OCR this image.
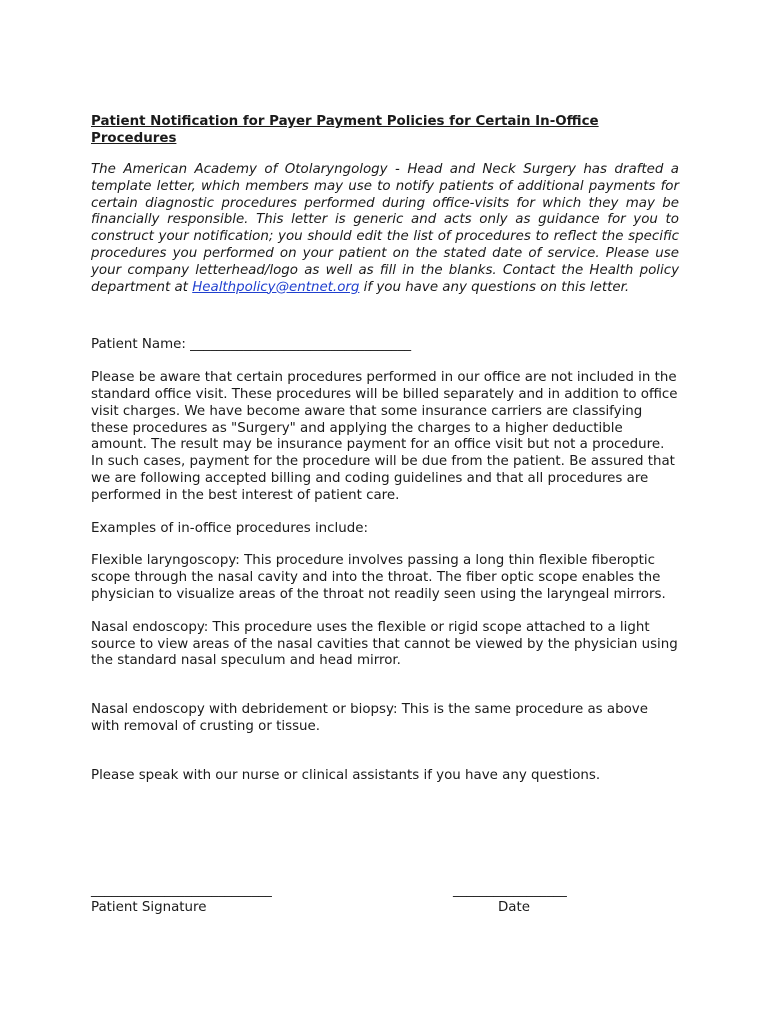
Patient Notification for Payer Payment Policies for Certain In-Office Procedures

The American Academy of Otolaryngology - Head and Neck Surgery has drafted a template letter, which members may use to notify patients of additional payments for certain diagnostic procedures performed during office-visits for which they may be financially responsible. This letter is generic and acts only as guidance for you to construct your notification; you should edit the list of procedures to reflect the specific procedures you performed on your patient on the stated date of service. Please use your company letterhead/logo as well as fill in the blanks. Contact the Health policy department at Healthpolicy@entnet.org if you have any questions on this letter.

Patient Name: _________________________________

Please be aware that certain procedures performed in our office are not included in the standard office visit. These procedures will be billed separately and in addition to office visit charges. We have become aware that some insurance carriers are classifying these procedures as "Surgery" and applying the charges to a higher deductible amount. The result may be insurance payment for an office visit but not a procedure. In such cases, payment for the procedure will be due from the patient. Be assured that we are following accepted billing and coding guidelines and that all procedures are performed in the best interest of patient care.

Examples of in-office procedures include:

Flexible laryngoscopy: This procedure involves passing a long thin flexible fiberoptic scope through the nasal cavity and into the throat. The fiber optic scope enables the physician to visualize areas of the throat not readily seen using the laryngeal mirrors.

Nasal endoscopy: This procedure uses the flexible or rigid scope attached to a light source to view areas of the nasal cavities that cannot be viewed by the physician using the standard nasal speculum and head mirror.

Nasal endoscopy with debridement or biopsy: This is the same procedure as above with removal of crusting or tissue.

Please speak with our nurse or clinical assistants if you have any questions.

___________________________	_________________
Patient Signature	Date
